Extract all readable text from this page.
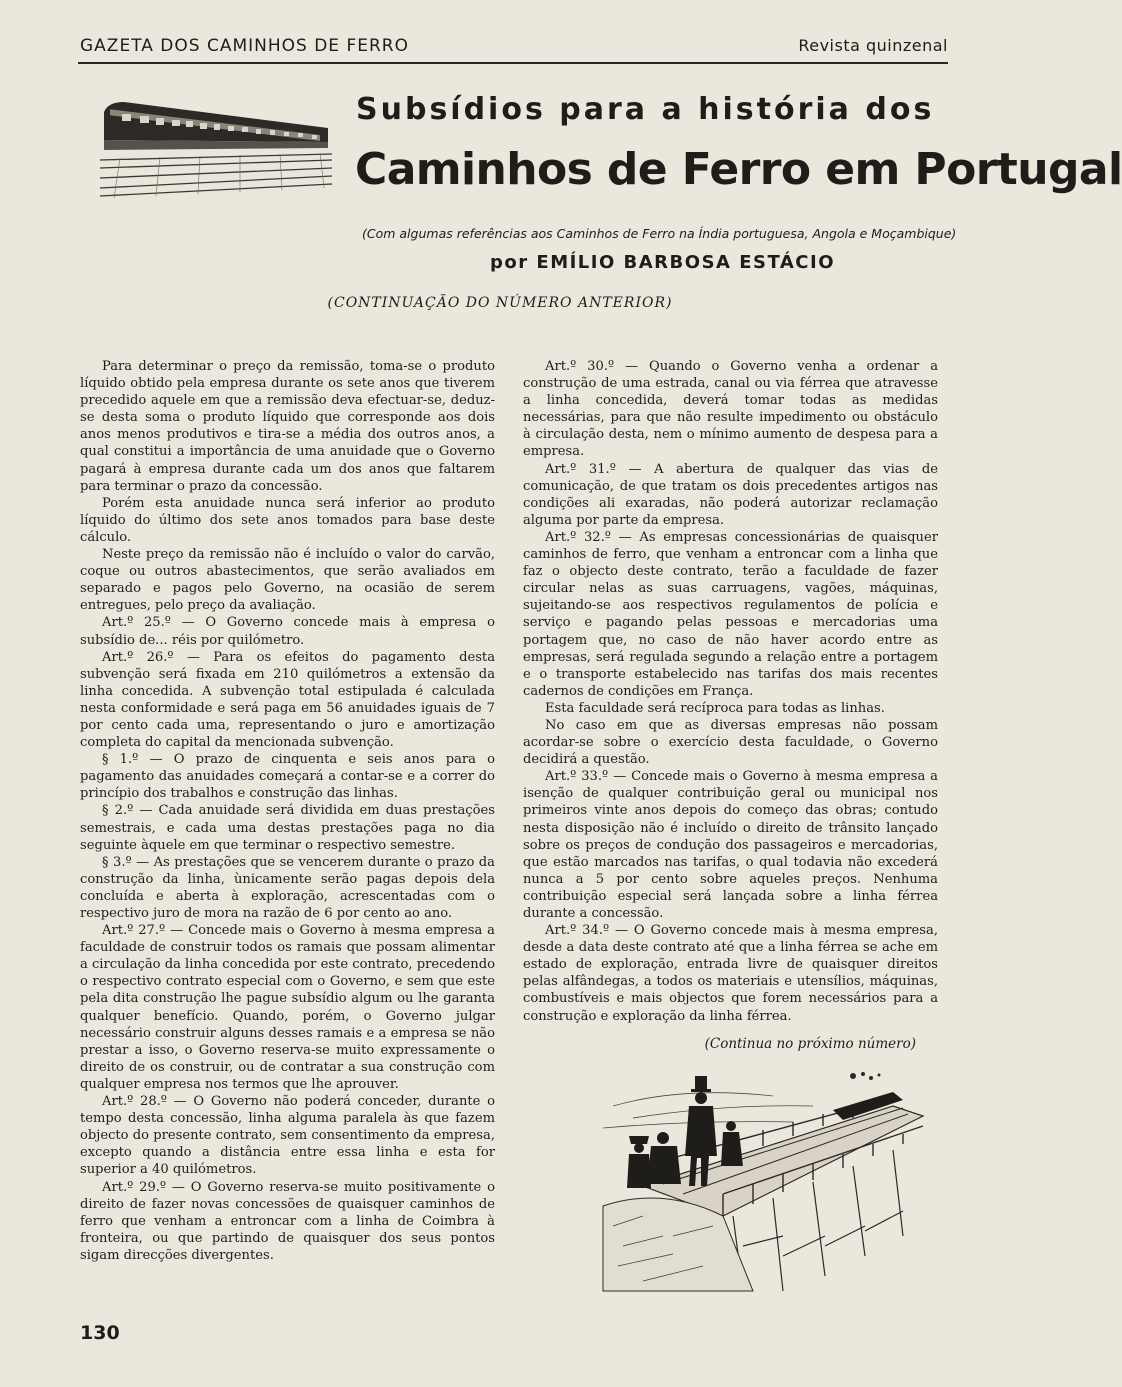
GAZETA DOS CAMINHOS DE FERRO	Revista quinzenal
Subsídios para a história dos
Caminhos de Ferro em Portugal
(Com algumas referências aos Caminhos de Ferro na Índia portuguesa, Angola e Moçambique)
por EMÍLIO BARBOSA ESTÁCIO
(CONTINUAÇÃO DO NÚMERO ANTERIOR)

Para determinar o preço da remissão, toma-se o produto líquido obtido pela empresa durante os sete anos que tiverem precedido aquele em que a remissão deva efectuar-se, deduz-se desta soma o produto líquido que corresponde aos dois anos menos produtivos e tira-se a média dos outros anos, a qual constitui a importância de uma anuidade que o Governo pagará à empresa durante cada um dos anos que faltarem para terminar o prazo da concessão.

Porém esta anuidade nunca será inferior ao produto líquido do último dos sete anos tomados para base deste cálculo.

Neste preço da remissão não é incluído o valor do carvão, coque ou outros abastecimentos, que serão avaliados em separado e pagos pelo Governo, na ocasião de serem entregues, pelo preço da avaliação.

Art.º 25.º — O Governo concede mais à empresa o subsídio de... réis por quilómetro.

Art.º 26.º — Para os efeitos do pagamento desta subvenção será fixada em 210 quilómetros a extensão da linha concedida. A subvenção total estipulada é calculada nesta conformidade e será paga em 56 anuidades iguais de 7 por cento cada uma, representando o juro e amortização completa do capital da mencionada subvenção.

§ 1.º — O prazo de cinquenta e seis anos para o pagamento das anuidades começará a contar-se e a correr do princípio dos trabalhos e construção das linhas.

§ 2.º — Cada anuidade será dividida em duas prestações semestrais, e cada uma destas prestações paga no dia seguinte àquele em que terminar o respectivo semestre.

§ 3.º — As prestações que se vencerem durante o prazo da construção da linha, ùnicamente serão pagas depois dela concluída e aberta à exploração, acrescentadas com o respectivo juro de mora na razão de 6 por cento ao ano.

Art.º 27.º — Concede mais o Governo à mesma empresa a faculdade de construir todos os ramais que possam alimentar a circulação da linha concedida por este contrato, precedendo o respectivo contrato especial com o Governo, e sem que este pela dita construção lhe pague subsídio algum ou lhe garanta qualquer benefício. Quando, porém, o Governo julgar necessário construir alguns desses ramais e a empresa se não prestar a isso, o Governo reserva-se muito expressamente o direito de os construir, ou de contratar a sua construção com qualquer empresa nos termos que lhe aprouver.

Art.º 28.º — O Governo não poderá conceder, durante o tempo desta concessão, linha alguma paralela às que fazem objecto do presente contrato, sem consentimento da empresa, excepto quando a distância entre essa linha e esta for superior a 40 quilómetros.

Art.º 29.º — O Governo reserva-se muito positivamente o direito de fazer novas concessões de quaisquer caminhos de ferro que venham a entroncar com a linha de Coimbra à fronteira, ou que partindo de quaisquer dos seus pontos sigam direcções divergentes.

Art.º 30.º — Quando o Governo venha a ordenar a construção de uma estrada, canal ou via férrea que atravesse a linha concedida, deverá tomar todas as medidas necessárias, para que não resulte impedimento ou obstáculo à circulação desta, nem o mínimo aumento de despesa para a empresa.

Art.º 31.º — A abertura de qualquer das vias de comunicação, de que tratam os dois precedentes artigos nas condições ali exaradas, não poderá autorizar reclamação alguma por parte da empresa.

Art.º 32.º — As empresas concessionárias de quaisquer caminhos de ferro, que venham a entroncar com a linha que faz o objecto deste contrato, terão a faculdade de fazer circular nelas as suas carruagens, vagões, máquinas, sujeitando-se aos respectivos regulamentos de polícia e serviço e pagando pelas pessoas e mercadorias uma portagem que, no caso de não haver acordo entre as empresas, será regulada segundo a relação entre a portagem e o transporte estabelecido nas tarifas dos mais recentes cadernos de condições em França.

Esta faculdade será recíproca para todas as linhas.

No caso em que as diversas empresas não possam acordar-se sobre o exercício desta faculdade, o Governo decidirá a questão.

Art.º 33.º — Concede mais o Governo à mesma empresa a isenção de qualquer contribuição geral ou municipal nos primeiros vinte anos depois do começo das obras; contudo nesta disposição não é incluído o direito de trânsito lançado sobre os preços de condução dos passageiros e mercadorias, que estão marcados nas tarifas, o qual todavia não excederá nunca a 5 por cento sobre aqueles preços. Nenhuma contribuição especial será lançada sobre a linha férrea durante a concessão.

Art.º 34.º — O Governo concede mais à mesma empresa, desde a data deste contrato até que a linha férrea se ache em estado de exploração, entrada livre de quaisquer direitos pelas alfândegas, a todos os materiais e utensílios, máquinas, combustíveis e mais objectos que forem necessários para a construção e exploração da linha férrea.

(Continua no próximo número)
130
